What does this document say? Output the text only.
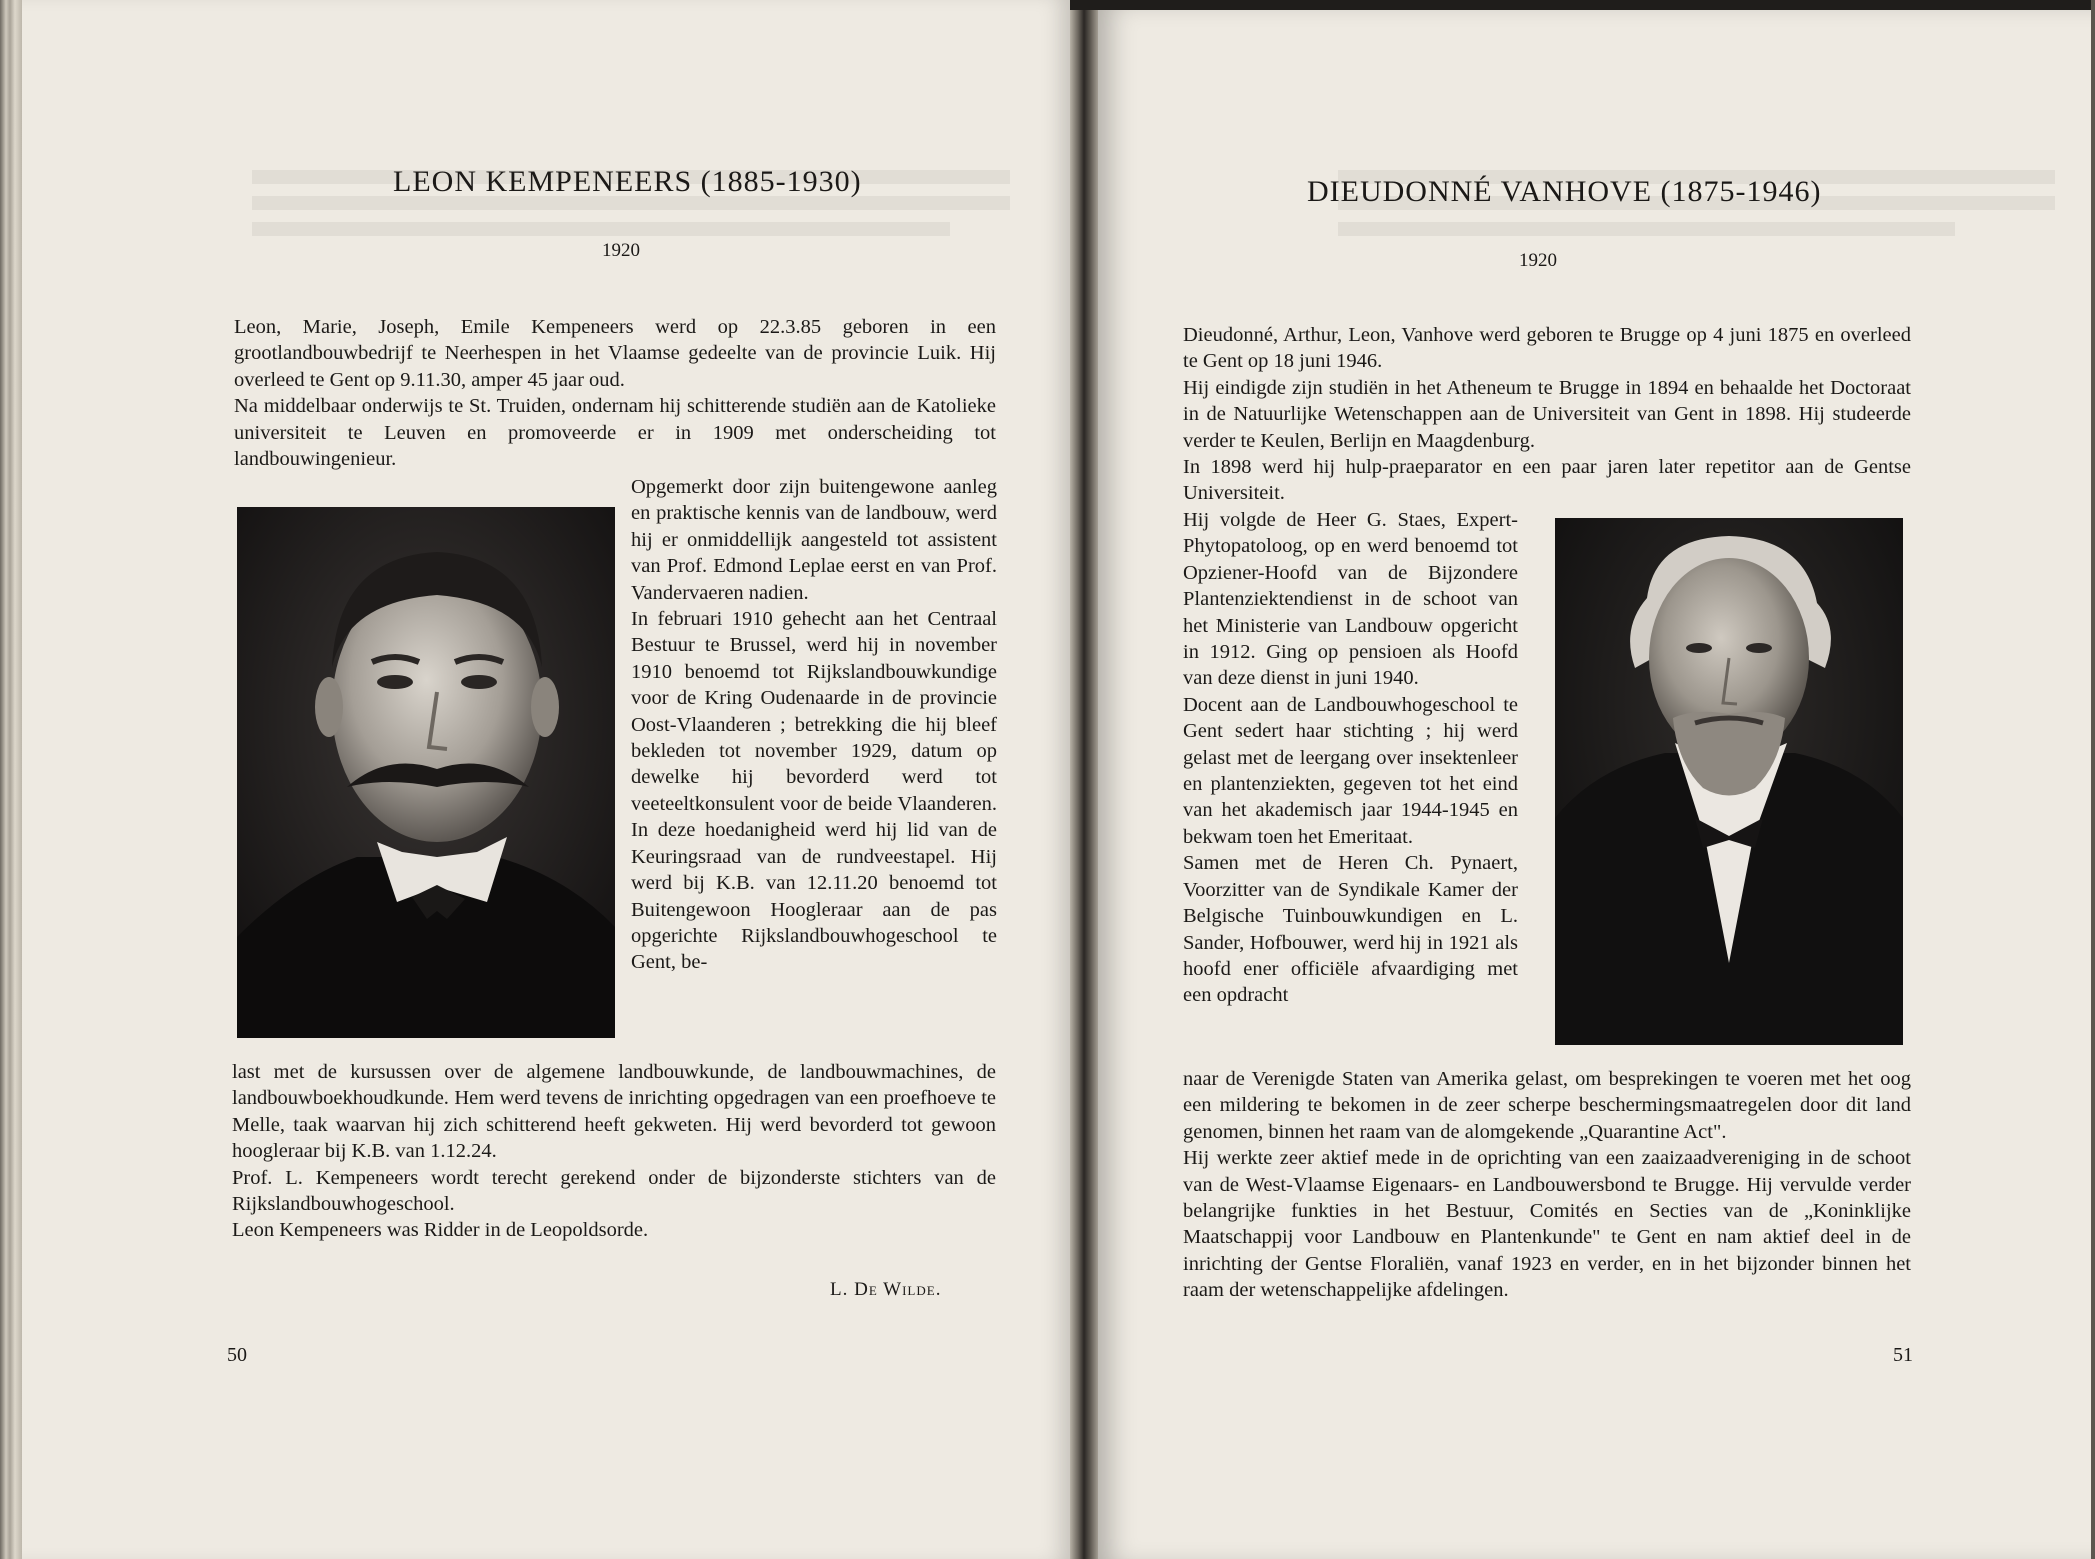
LEON KEMPENEERS (1885-1930)
1920

Leon, Marie, Joseph, Emile Kempeneers werd op 22.3.85 geboren in een grootlandbouwbedrijf te Neerhespen in het Vlaamse gedeelte van de provincie Luik. Hij overleed te Gent op 9.11.30, amper 45 jaar oud.

Na middelbaar onderwijs te St. Truiden, ondernam hij schitterende studiën aan de Katolieke universiteit te Leuven en promoveerde er in 1909 met onderscheiding tot landbouwingenieur.

Opgemerkt door zijn buitengewone aanleg en praktische kennis van de landbouw, werd hij er onmiddellijk aangesteld tot assistent van Prof. Edmond Leplae eerst en van Prof. Vandervaeren nadien.

In februari 1910 gehecht aan het Centraal Bestuur te Brussel, werd hij in november 1910 benoemd tot Rijkslandbouwkundige voor de Kring Oudenaarde in de provincie Oost-Vlaanderen ; betrekking die hij bleef bekleden tot november 1929, datum op dewelke hij bevorderd werd tot veeteeltkonsulent voor de beide Vlaanderen. In deze hoedanigheid werd hij lid van de Keuringsraad van de rundveestapel. Hij werd bij K.B. van 12.11.20 benoemd tot Buitengewoon Hoogleraar aan de pas opgerichte Rijkslandbouwhogeschool te Gent, be-

last met de kursussen over de algemene landbouwkunde, de landbouwmachines, de landbouwboekhoudkunde. Hem werd tevens de inrichting opgedragen van een proefhoeve te Melle, taak waarvan hij zich schitterend heeft gekweten. Hij werd bevorderd tot gewoon hoogleraar bij K.B. van 1.12.24.

Prof. L. Kempeneers wordt terecht gerekend onder de bijzonderste stichters van de Rijkslandbouwhogeschool.

Leon Kempeneers was Ridder in de Leopoldsorde.

L. De Wilde.
50
DIEUDONNÉ VANHOVE (1875-1946)
1920

Dieudonné, Arthur, Leon, Vanhove werd geboren te Brugge op 4 juni 1875 en overleed te Gent op 18 juni 1946.

Hij eindigde zijn studiën in het Atheneum te Brugge in 1894 en behaalde het Doctoraat in de Natuurlijke Wetenschappen aan de Universiteit van Gent in 1898. Hij studeerde verder te Keulen, Berlijn en Maagdenburg.

In 1898 werd hij hulp-praeparator en een paar jaren later repetitor aan de Gentse Universiteit.

Hij volgde de Heer G. Staes, Expert-Phytopatoloog, op en werd benoemd tot Opziener-Hoofd van de Bijzondere Plantenziektendienst in de schoot van het Ministerie van Landbouw opgericht in 1912. Ging op pensioen als Hoofd van deze dienst in juni 1940.

Docent aan de Landbouwhogeschool te Gent sedert haar stichting ; hij werd gelast met de leergang over insektenleer en plantenziekten, gegeven tot het eind van het akademisch jaar 1944-1945 en bekwam toen het Emeritaat.

Samen met de Heren Ch. Pynaert, Voorzitter van de Syndikale Kamer der Belgische Tuinbouwkundigen en L. Sander, Hofbouwer, werd hij in 1921 als hoofd ener officiële afvaardiging met een opdracht

naar de Verenigde Staten van Amerika gelast, om besprekingen te voeren met het oog een mildering te bekomen in de zeer scherpe beschermingsmaatregelen door dit land genomen, binnen het raam van de alomgekende „Quarantine Act".

Hij werkte zeer aktief mede in de oprichting van een zaaizaadvereniging in de schoot van de West-Vlaamse Eigenaars- en Landbouwersbond te Brugge. Hij vervulde verder belangrijke funkties in het Bestuur, Comités en Secties van de „Koninklijke Maatschappij voor Landbouw en Plantenkunde" te Gent en nam aktief deel in de inrichting der Gentse Floraliën, vanaf 1923 en verder, en in het bijzonder binnen het raam der wetenschappelijke afdelingen.

51
